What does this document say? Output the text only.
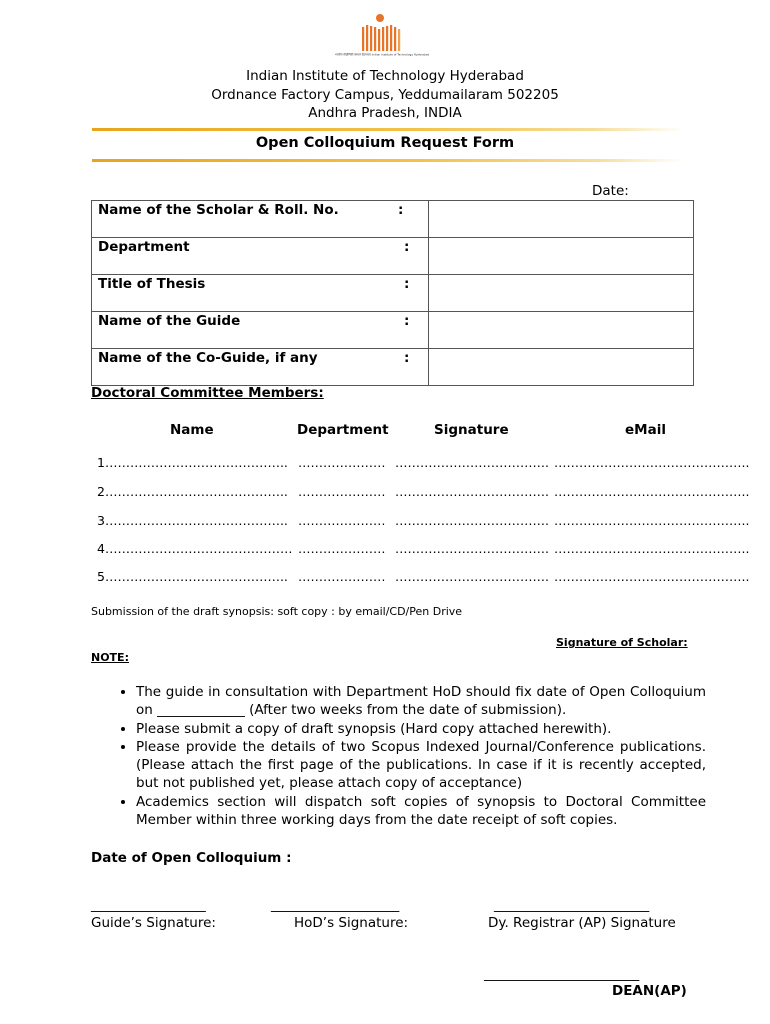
भारतीय प्रौद्योगिकी संस्थान हैदराबाद Indian Institute of Technology Hyderabad
Indian Institute of Technology Hyderabad
Ordnance Factory Campus, Yeddumailaram 502205
Andhra Pradesh, INDIA
Open Colloquium Request Form
Date:
Name of the Scholar & Roll. No.	:	
Department	:	
Title of Thesis	:	
Name of the Guide	:	
Name of the Co-Guide, if any	:	
Doctoral Committee Members:
Name	Department	Signature	eMail
1…………………………………….. ………………… ………………………………. ………………………………………..
2…………………………………….. ………………… ………………………………. ………………………………………..
3…………………………………….. ………………… ………………………………. ………………………………………..
4……………………………………… ………………… ………………………………. ………………………………………..
5…………………………………….. ………………… ………………………………. ………………………………………..
Submission of the draft synopsis: soft copy : by email/CD/Pen Drive
Signature of Scholar:
NOTE:
• The guide in consultation with Department HoD should fix date of Open Colloquium on _____________ (After two weeks from the date of submission).
• Please submit a copy of draft synopsis (Hard copy attached herewith).
• Please provide the details of two Scopus Indexed Journal/Conference publications. (Please attach the first page of the publications. In case if it is recently accepted, but not published yet, please attach copy of acceptance)
• Academics section will dispatch soft copies of synopsis to Doctoral Committee Member within three working days from the date receipt of soft copies.
Date of Open Colloquium :
_________________
Guide’s Signature:
___________________
HoD’s Signature:
_______________________
Dy. Registrar (AP) Signature
_______________________
DEAN(AP)
